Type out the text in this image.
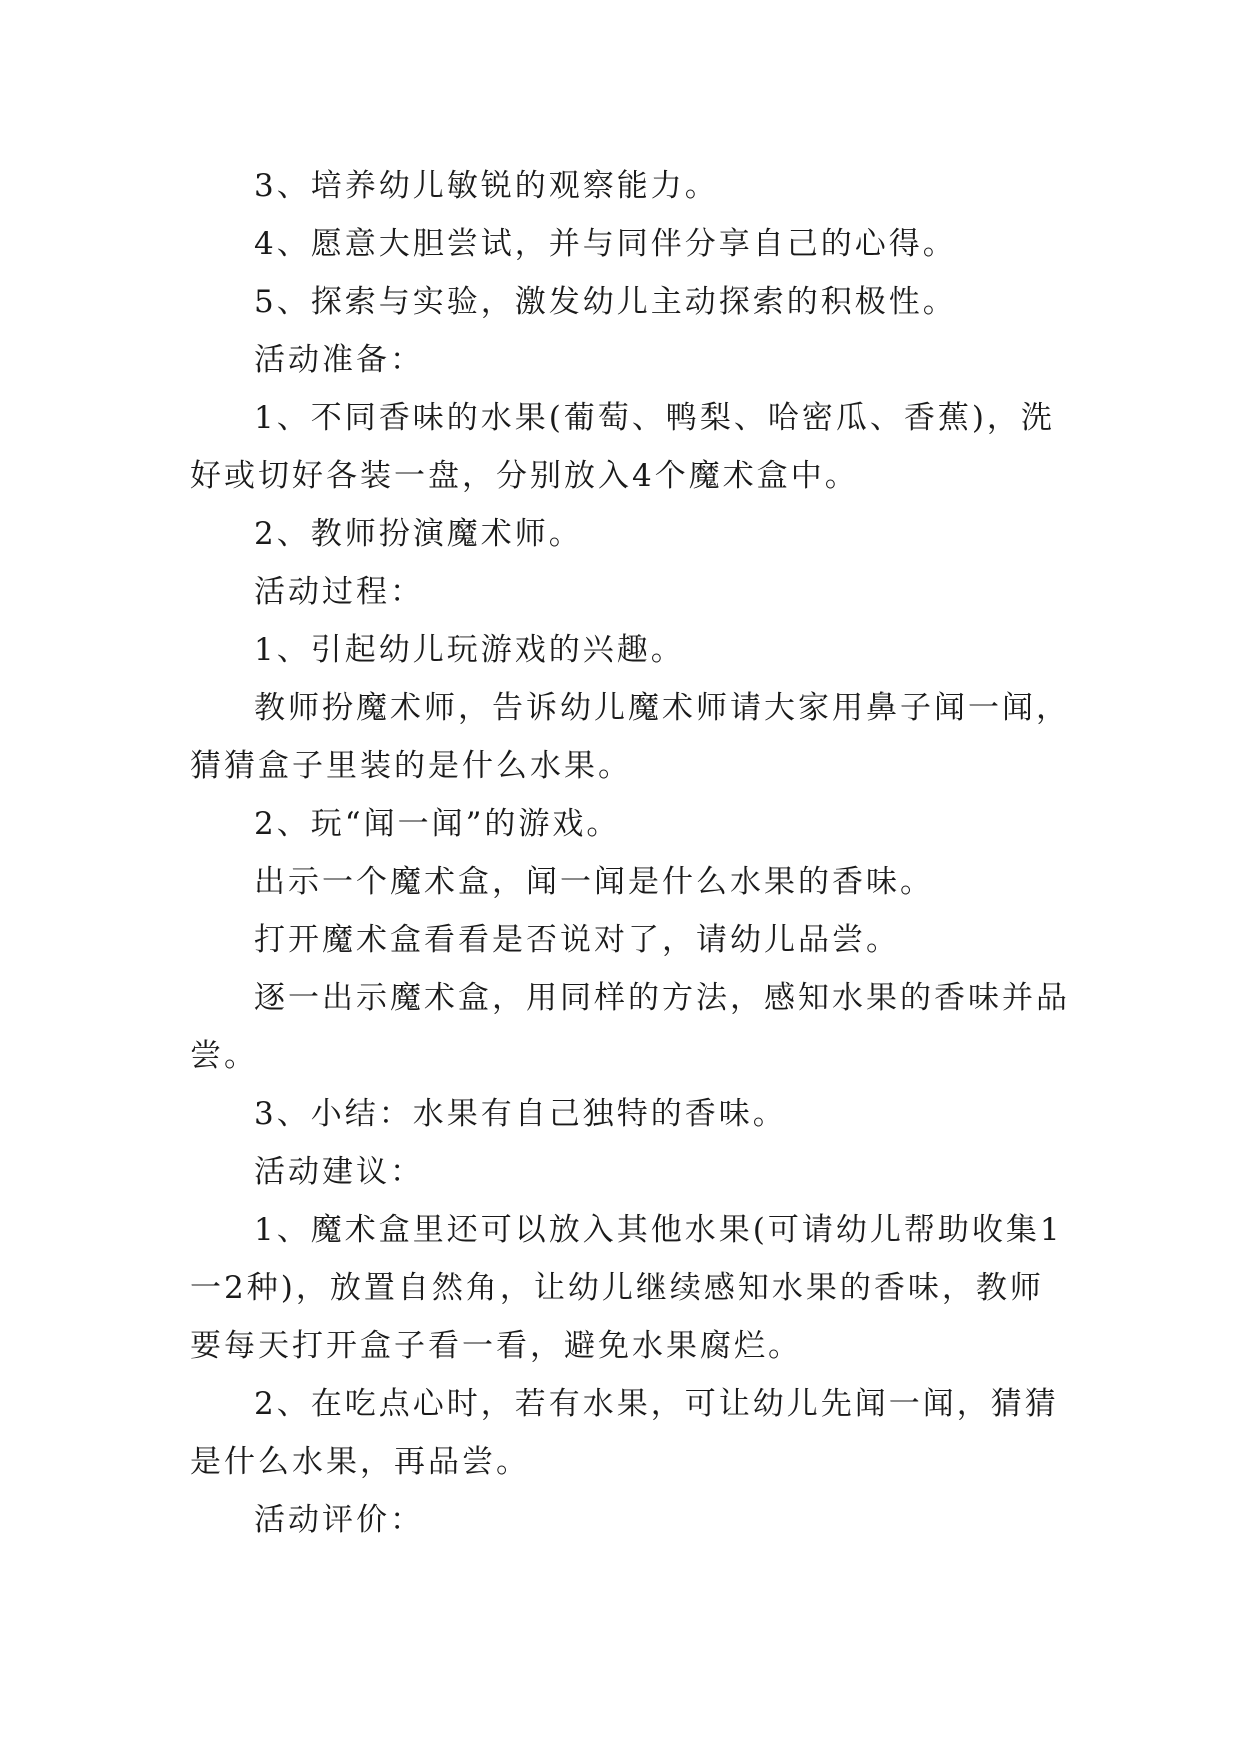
3、培养幼儿敏锐的观察能力。

4、愿意大胆尝试，并与同伴分享自己的心得。

5、探索与实验，激发幼儿主动探索的积极性。

活动准备：

1、不同香味的水果(葡萄、鸭梨、哈密瓜、香蕉)，洗
好或切好各装一盘，分别放入4个魔术盒中。

2、教师扮演魔术师。

活动过程：

1、引起幼儿玩游戏的兴趣。

教师扮魔术师，告诉幼儿魔术师请大家用鼻子闻一闻，
猜猜盒子里装的是什么水果。

2、玩“闻一闻”的游戏。

出示一个魔术盒，闻一闻是什么水果的香味。

打开魔术盒看看是否说对了，请幼儿品尝。

逐一出示魔术盒，用同样的方法，感知水果的香味并品
尝。

3、小结：水果有自己独特的香味。

活动建议：

1、魔术盒里还可以放入其他水果(可请幼儿帮助收集1
一2种)，放置自然角，让幼儿继续感知水果的香味，教师
要每天打开盒子看一看，避免水果腐烂。

2、在吃点心时，若有水果，可让幼儿先闻一闻，猜猜
是什么水果，再品尝。

活动评价：
